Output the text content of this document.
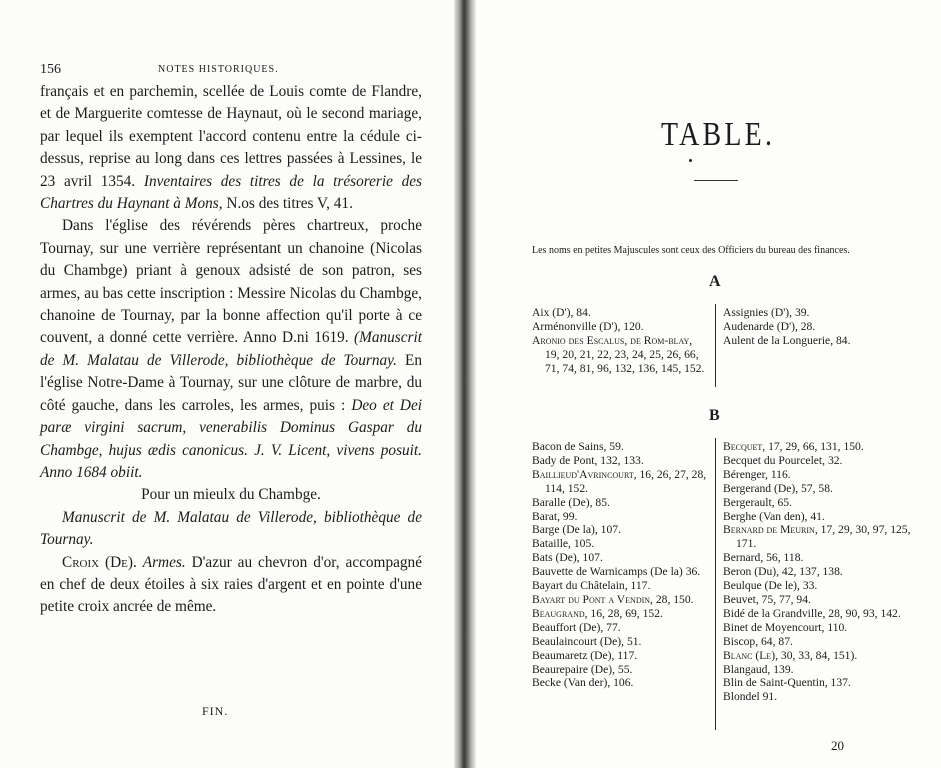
156	NOTES HISTORIQUES.

français et en parchemin, scellée de Louis comte de Flandre, et de Marguerite comtesse de Haynaut, où le second mariage, par lequel ils exemptent l'accord contenu entre la cédule ci-dessus, reprise au long dans ces lettres passées à Lessines, le 23 avril 1354. Inventaires des titres de la trésorerie des Chartres du Haynant à Mons, N.os des titres V, 41.

Dans l'église des révérends pères chartreux, proche Tournay, sur une verrière représentant un chanoine (Nicolas du Chambge) priant à genoux adsisté de son patron, ses armes, au bas cette inscription : Messire Nicolas du Chambge, chanoine de Tournay, par la bonne affection qu'il porte à ce couvent, a donné cette verrière. Anno D.ni 1619. (Manuscrit de M. Malatau de Villerode, bibliothèque de Tournay. En l'église Notre-Dame à Tournay, sur une clôture de marbre, du côté gauche, dans les carroles, les armes, puis : Deo et Dei paræ virgini sacrum, venerabilis Dominus Gaspar du Chambge, hujus ædis canonicus. J. V. Licent, vivens posuit. Anno 1684 obiit.

Pour un mieulx du Chambge.

Manuscrit de M. Malatau de Villerode, bibliothèque de Tournay.

Croix (De). Armes. D'azur au chevron d'or, accompagné en chef de deux étoiles à six raies d'argent et en pointe d'une petite croix ancrée de même.

FIN.
TABLE.
Les noms en petites Majuscules sont ceux des Officiers du bureau des finances.
A
Aix (D'), 84.
Arménonville (D'), 120.
Aronio des Escalus, de Rom-blay, 19, 20, 21, 22, 23, 24, 25, 26, 66, 71, 74, 81, 96, 132, 136, 145, 152.
Assignies (D'), 39.
Audenarde (D'), 28.
Aulent de la Longuerie, 84.
B
Bacon de Sains, 59.
Bady de Pont, 132, 133.
Baillieud'Avrincourt, 16, 26, 27, 28, 114, 152.
Baralle (De), 85.
Barat, 99.
Barge (De la), 107.
Bataille, 105.
Bats (De), 107.
Bauvette de Warnicamps (De la) 36.
Bayart du Châtelain, 117.
Bayart du Pont a Vendin, 28, 150.
Beaugrand, 16, 28, 69, 152.
Beauffort (De), 77.
Beaulaincourt (De), 51.
Beaumaretz (De), 117.
Beaurepaire (De), 55.
Becke (Van der), 106.
Becquet, 17, 29, 66, 131, 150.
Becquet du Pourcelet, 32.
Bérenger, 116.
Bergerand (De), 57, 58.
Bergerault, 65.
Berghe (Van den), 41.
Bernard de Meurin, 17, 29, 30, 97, 125, 171.
Bernard, 56, 118.
Beron (Du), 42, 137, 138.
Beulque (De le), 33.
Beuvet, 75, 77, 94.
Bidé de la Grandville, 28, 90, 93, 142.
Binet de Moyencourt, 110.
Biscop, 64, 87.
Blanc (Le), 30, 33, 84, 151).
Blangaud, 139.
Blin de Saint-Quentin, 137.
Blondel 91.
20
